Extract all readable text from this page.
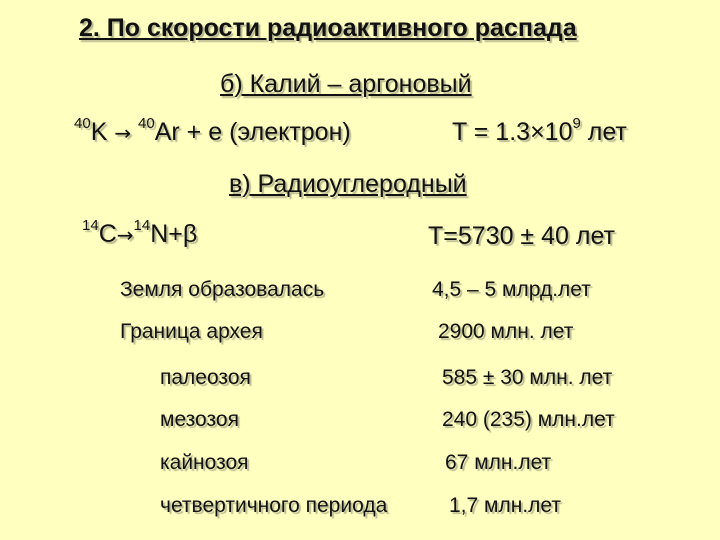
2. По скорости радиоактивного распада
б) Калий – аргоновый
$^{40}$K → $^{40}$Ar + e (электрон)	$T = 1.3\times 10^9$ лет
в) Радиоуглеродный
$^{14}$C→$^{14}$N+β	T=5730 ± 40 лет
Земля образовалась	4,5 – 5 млрд.лет
Граница архея	2900 млн. лет
палеозоя	585 ± 30 млн. лет
мезозоя	240 (235) млн.лет
кайнозоя	67 млн.лет
четвертичного периода	1,7 млн.лет
